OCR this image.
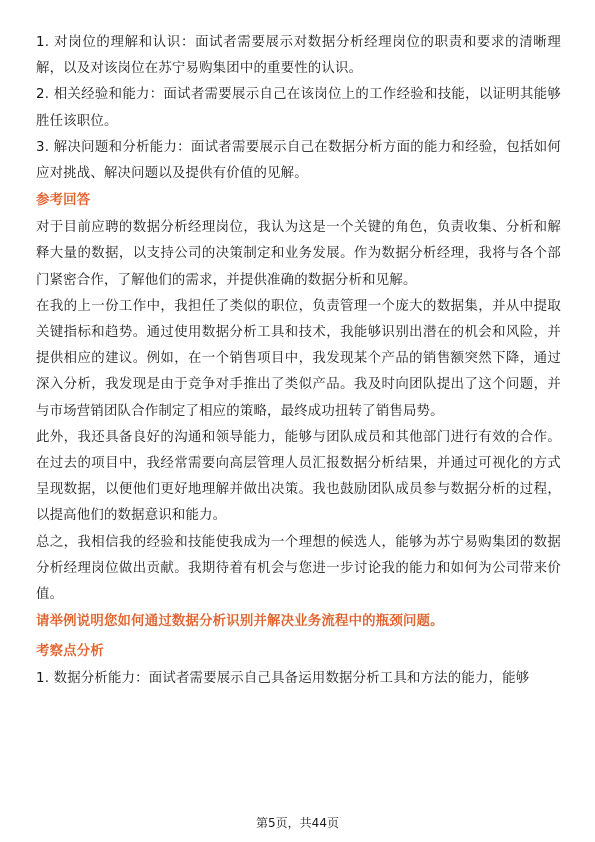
1. 对岗位的理解和认识：面试者需要展示对数据分析经理岗位的职责和要求的清晰理解，以及对该岗位在苏宁易购集团中的重要性的认识。

2. 相关经验和能力：面试者需要展示自己在该岗位上的工作经验和技能，以证明其能够胜任该职位。

3. 解决问题和分析能力：面试者需要展示自己在数据分析方面的能力和经验，包括如何应对挑战、解决问题以及提供有价值的见解。

参考回答

对于目前应聘的数据分析经理岗位，我认为这是一个关键的角色，负责收集、分析和解释大量的数据，以支持公司的决策制定和业务发展。作为数据分析经理，我将与各个部门紧密合作，了解他们的需求，并提供准确的数据分析和见解。

在我的上一份工作中，我担任了类似的职位，负责管理一个庞大的数据集，并从中提取关键指标和趋势。通过使用数据分析工具和技术，我能够识别出潜在的机会和风险，并提供相应的建议。例如，在一个销售项目中，我发现某个产品的销售额突然下降，通过深入分析，我发现是由于竞争对手推出了类似产品。我及时向团队提出了这个问题，并与市场营销团队合作制定了相应的策略，最终成功扭转了销售局势。

此外，我还具备良好的沟通和领导能力，能够与团队成员和其他部门进行有效的合作。在过去的项目中，我经常需要向高层管理人员汇报数据分析结果，并通过可视化的方式呈现数据，以便他们更好地理解并做出决策。我也鼓励团队成员参与数据分析的过程，以提高他们的数据意识和能力。

总之，我相信我的经验和技能使我成为一个理想的候选人，能够为苏宁易购集团的数据分析经理岗位做出贡献。我期待着有机会与您进一步讨论我的能力和如何为公司带来价值。

请举例说明您如何通过数据分析识别并解决业务流程中的瓶颈问题。

考察点分析

1. 数据分析能力：面试者需要展示自己具备运用数据分析工具和方法的能力，能够

第5页，共44页
